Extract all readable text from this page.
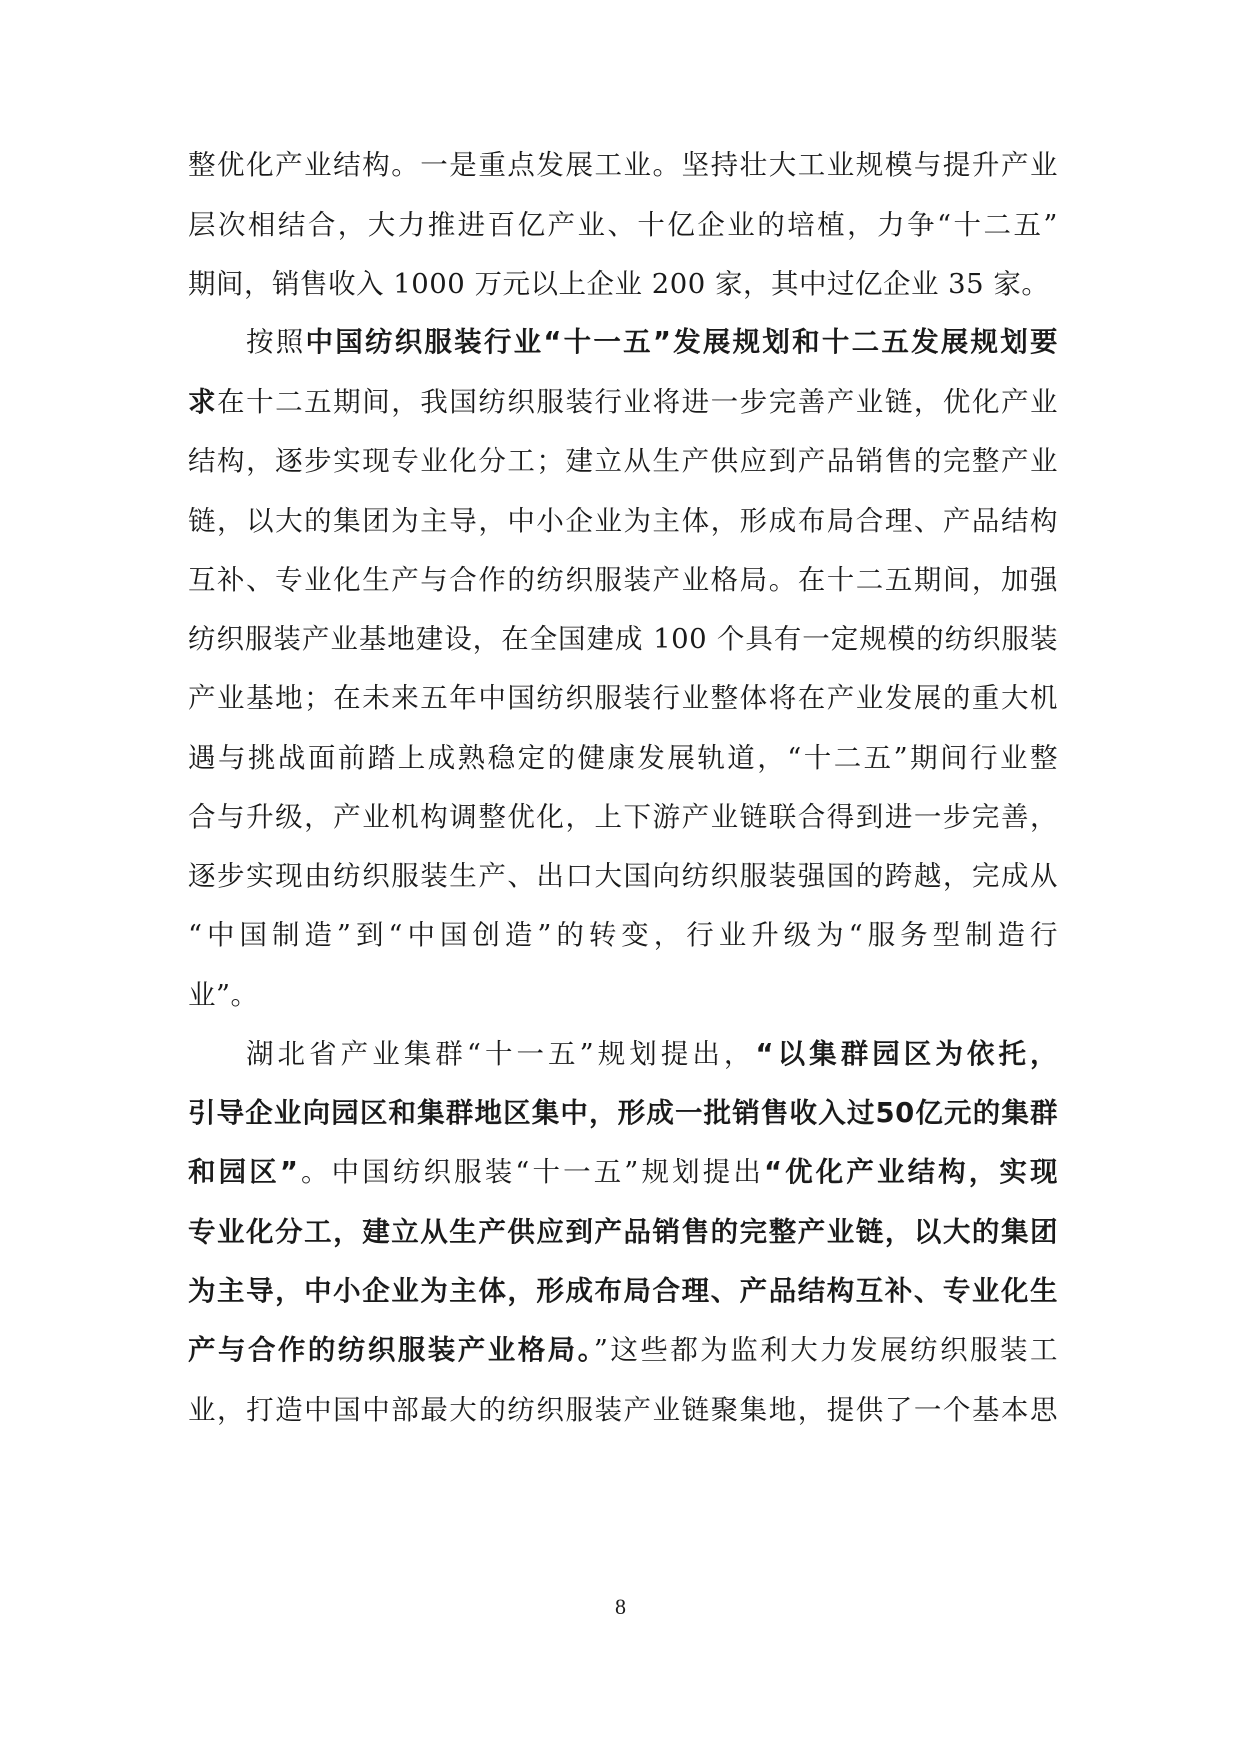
整优化产业结构。一是重点发展工业。坚持壮大工业规模与提升产业
层次相结合，大力推进百亿产业、十亿企业的培植，力争“十二五”
期间，销售收入 1000 万元以上企业 200 家，其中过亿企业 35 家。
按照中国纺织服装行业“十一五”发展规划和十二五发展规划要
求在十二五期间，我国纺织服装行业将进一步完善产业链，优化产业
结构，逐步实现专业化分工；建立从生产供应到产品销售的完整产业
链，以大的集团为主导，中小企业为主体，形成布局合理、产品结构
互补、专业化生产与合作的纺织服装产业格局。在十二五期间，加强
纺织服装产业基地建设，在全国建成 100 个具有一定规模的纺织服装
产业基地；在未来五年中国纺织服装行业整体将在产业发展的重大机
遇与挑战面前踏上成熟稳定的健康发展轨道，“十二五”期间行业整
合与升级，产业机构调整优化，上下游产业链联合得到进一步完善，
逐步实现由纺织服装生产、出口大国向纺织服装强国的跨越，完成从
“中国制造”到“中国创造”的转变，行业升级为“服务型制造行
业”。
湖北省产业集群“十一五”规划提出，“以集群园区为依托，
引导企业向园区和集群地区集中，形成一批销售收入过50亿元的集群
和园区”。中国纺织服装“十一五”规划提出“优化产业结构，实现
专业化分工，建立从生产供应到产品销售的完整产业链，以大的集团
为主导，中小企业为主体，形成布局合理、产品结构互补、专业化生
产与合作的纺织服装产业格局。”这些都为监利大力发展纺织服装工
业，打造中国中部最大的纺织服装产业链聚集地，提供了一个基本思
8
